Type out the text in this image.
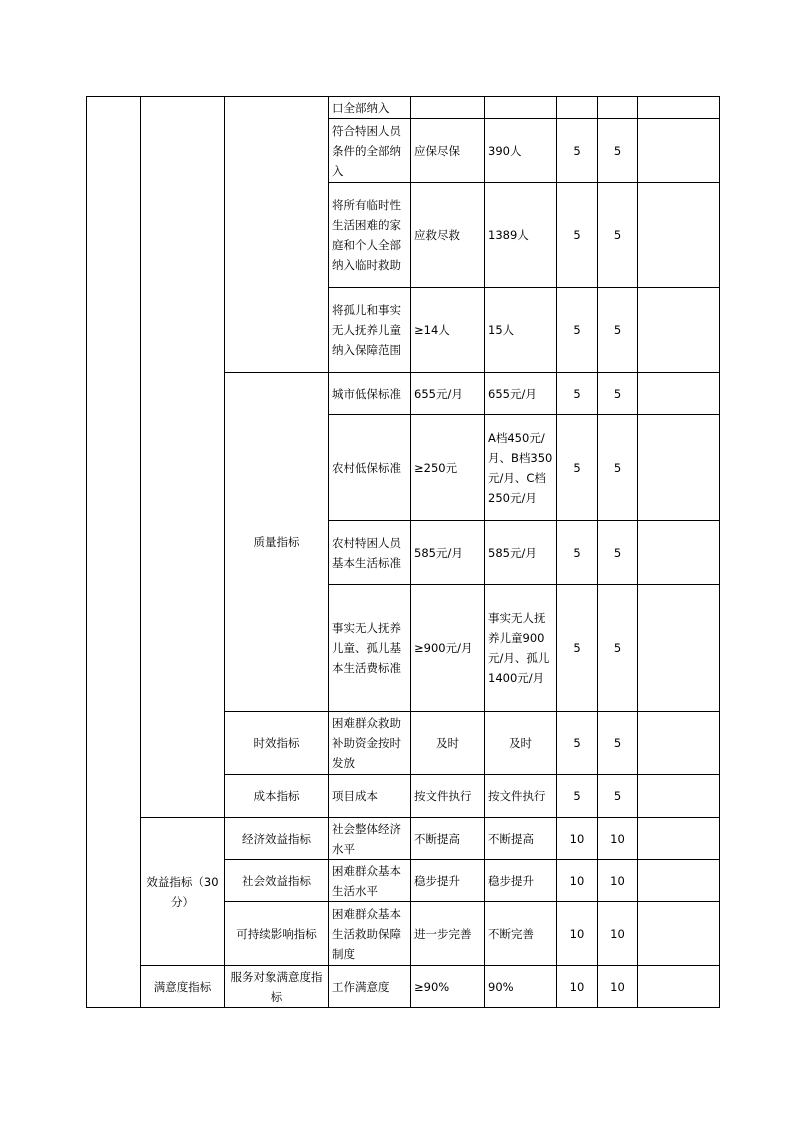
			口全部纳入					

			符合特困人员条件的全部纳入	应保尽保	390人	5	5	

			将所有临时性生活困难的家庭和个人全部纳入临时救助	应救尽救	1389人	5	5	

			将孤儿和事实无人抚养儿童纳入保障范围	≥14人	15人	5	5	
		质量指标	城市低保标准	655元/月	655元/月	5	5	

			农村低保标准	≥250元	A档450元/月、B档350元/月、C档250元/月	5	5	

			农村特困人员基本生活标准	585元/月	585元/月	5	5	

			事实无人抚养儿童、孤儿基本生活费标准	≥900元/月	事实无人抚养儿童900元/月、孤儿1400元/月	5	5	
		时效指标	困难群众救助补助资金按时发放	及时	及时	5	5	
		成本指标	项目成本	按文件执行	按文件执行	5	5	

	效益指标（30分）	经济效益指标	社会整体经济水平	不断提高	不断提高	10	10	
		社会效益指标	困难群众基本生活水平	稳步提升	稳步提升	10	10	

		可持续影响指标	困难群众基本生活救助保障制度	进一步完善	不断完善	10	10	

	满意度指标	服务对象满意度指标	工作满意度	≥90%	90%	10	10	
